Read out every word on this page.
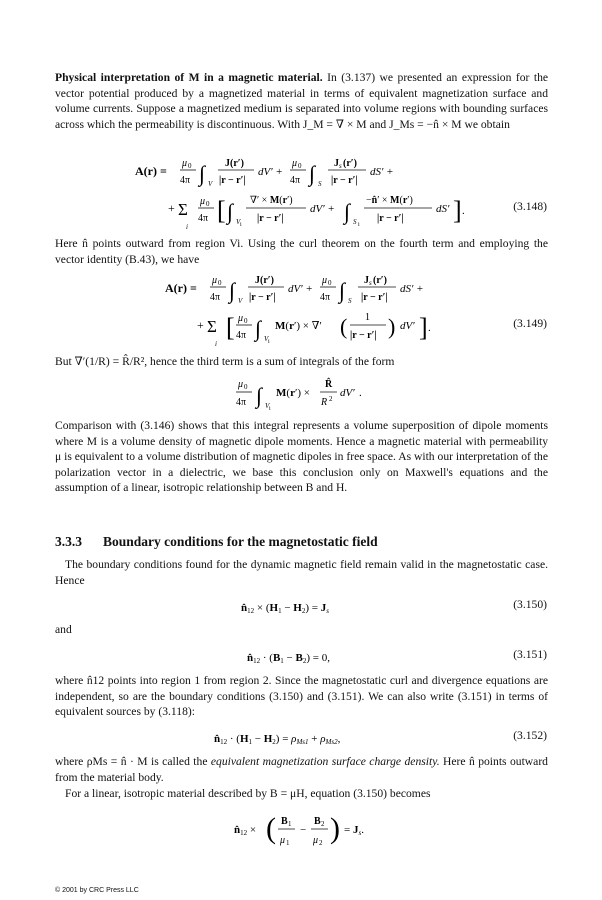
Physical interpretation of M in a magnetic material. In (3.137) we presented an expression for the vector potential produced by a magnetized material in terms of equivalent magnetization surface and volume currents. Suppose a magnetized medium is separated into volume regions with bounding surfaces across which the permeability is discontinuous. With J_M = ∇ × M and J_Ms = −n̂ × M we obtain

(3.148)
A(r) =
μ 0
4π ∫ V
J(r′)
|r − r′|
dV′ +
μ 0
4π ∫ S
J s (r′)
|r − r′|
dS′ +
+ Σ
i
μ 0
4π [ ∫ V i
∇′ × M(r′)
|r − r′|
dV′ + ∫ S i
−n̂′ × M(r′)
|r − r′|
dS′ ] .

Here n̂ points outward from region Vi. Using the curl theorem on the fourth term and employing the vector identity (B.43), we have

(3.149)
A(r) =
μ 0
4π ∫ V
J(r′)
|r − r′|
dV′ +
μ 0
4π ∫ S
J s (r′)
|r − r′|
dS′ +
+ Σ
i
[ μ 0
4π ∫ V i
M(r′) × ∇′ ( 1
|r − r′| ) dV′ ] .

But ∇′(1/R) = R̂/R², hence the third term is a sum of integrals of the form

μ 0
4π ∫ V i
M(r′) ×
R̂
R 2 dV′ .

Comparison with (3.146) shows that this integral represents a volume superposition of dipole moments where M is a volume density of magnetic dipole moments. Hence a magnetic material with permeability μ is equivalent to a volume distribution of magnetic dipoles in free space. As with our interpretation of the polarization vector in a dielectric, we base this conclusion only on Maxwell's equations and the assumption of a linear, isotropic relationship between B and H.

3.3.3 Boundary conditions for the magnetostatic field

The boundary conditions found for the dynamic magnetic field remain valid in the magnetostatic case. Hence

(3.150)
n̂12 × (H1 − H2) = Js

and

(3.151)
n̂12 · (B1 − B2) = 0,

where n̂12 points into region 1 from region 2. Since the magnetostatic curl and divergence equations are independent, so are the boundary conditions (3.150) and (3.151). We can also write (3.151) in terms of equivalent sources by (3.118):

(3.152)
n̂12 · (H1 − H2) = ρMs1 + ρMs2,

where ρMs = n̂ · M is called the equivalent magnetization surface charge density. Here n̂ points outward from the material body.

For a linear, isotropic material described by B = μH, equation (3.150) becomes

n̂12 × ( B 1
μ 1
−
B 2
μ 2 ) = Js.
© 2001 by CRC Press LLC
